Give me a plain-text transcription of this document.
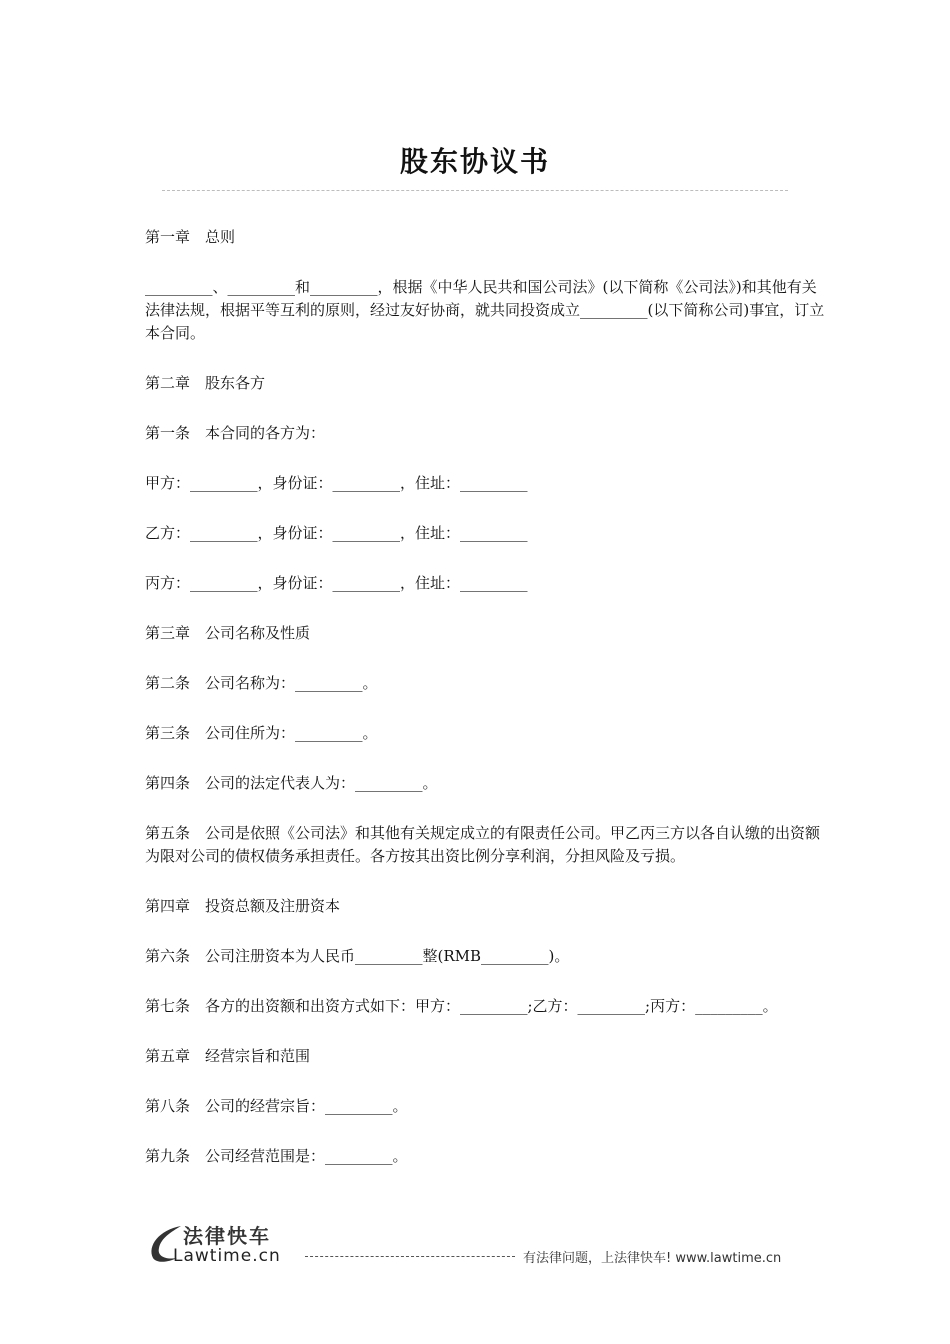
股东协议书

第一章　总则

_________、_________和_________，根据《中华人民共和国公司法》(以下简称《公司法》)和其他有关法律法规，根据平等互利的原则，经过友好协商，就共同投资成立_________(以下简称公司)事宜，订立本合同。

第二章　股东各方

第一条　本合同的各方为：

甲方：_________，身份证：_________，住址：_________

乙方：_________，身份证：_________，住址：_________

丙方：_________，身份证：_________，住址：_________

第三章　公司名称及性质

第二条　公司名称为：_________。

第三条　公司住所为：_________。

第四条　公司的法定代表人为：_________。

第五条　公司是依照《公司法》和其他有关规定成立的有限责任公司。甲乙丙三方以各自认缴的出资额为限对公司的债权债务承担责任。各方按其出资比例分享利润，分担风险及亏损。

第四章　投资总额及注册资本

第六条　公司注册资本为人民币_________整(RMB_________)。

第七条　各方的出资额和出资方式如下：甲方：_________;乙方：_________;丙方：_________。

第五章　经营宗旨和范围

第八条　公司的经营宗旨：_________。

第九条　公司经营范围是：_________。

法律快车
Lawtime.cn	有法律问题，上法律快车! www.lawtime.cn
